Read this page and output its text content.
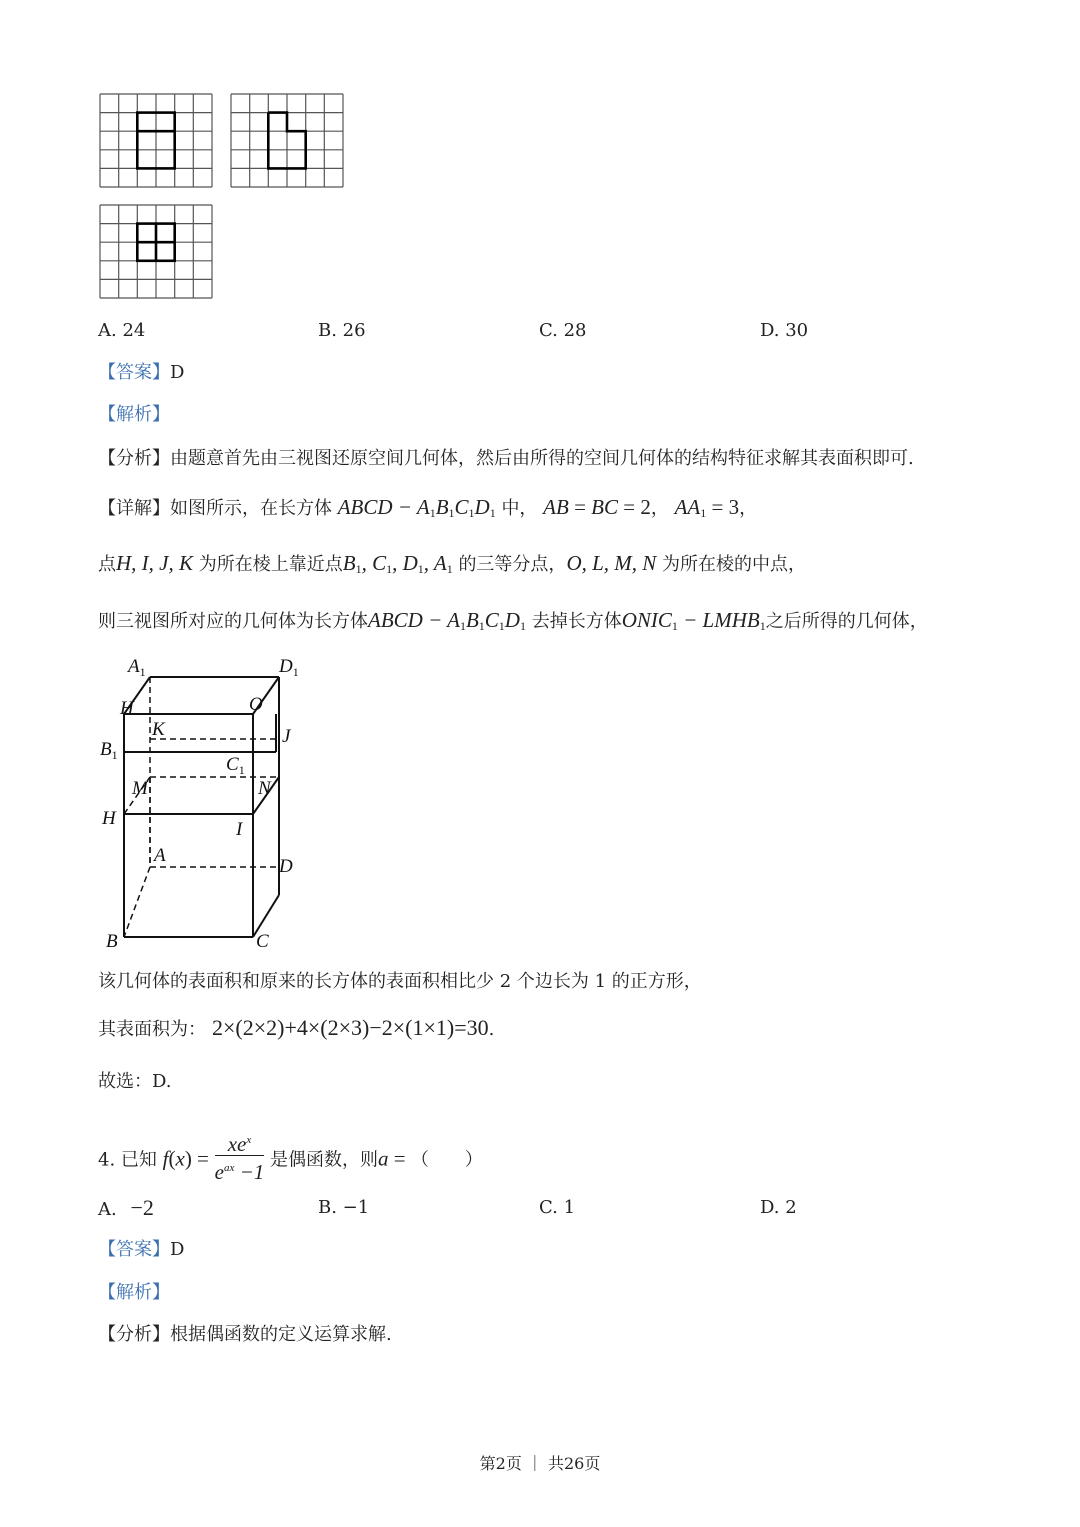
A. 24	B. 26	C. 28	D. 30
【答案】D
【解析】
【分析】由题意首先由三视图还原空间几何体，然后由所得的空间几何体的结构特征求解其表面积即可.
【详解】如图所示，在长方体 ABCD − $A_1B_1C_1D_1$ 中， AB = BC = 2， $AA_1 = 3$，
点H, I, J, K 为所在棱上靠近点$B_1$, $C_1$, $D_1$, $A_1$ 的三等分点，O, L, M, N 为所在棱的中点，
则三视图所对应的几何体为长方体ABCD − $A_1B_1C_1D_1$ 去掉长方体$ONIC_1$ − $LMHB_1$之后所得的几何体，
$A_1$	$D_1$
H	O
K	J
$B_1$	$C_1$
M	N
H
I
A
D
B	C
该几何体的表面积和原来的长方体的表面积相比少 2 个边长为 1 的正方形，
其表面积为： 2×(2×2)+4×(2×3)−2×(1×1)=30.
故选：D.
4. 已知 f(x) =
$xe^x$
$e^{ax} -1$ 是偶函数，则a = （　　）
A. −2	B. −1	C. 1	D. 2
【答案】D
【解析】
【分析】根据偶函数的定义运算求解.
第2页 ｜ 共26页
